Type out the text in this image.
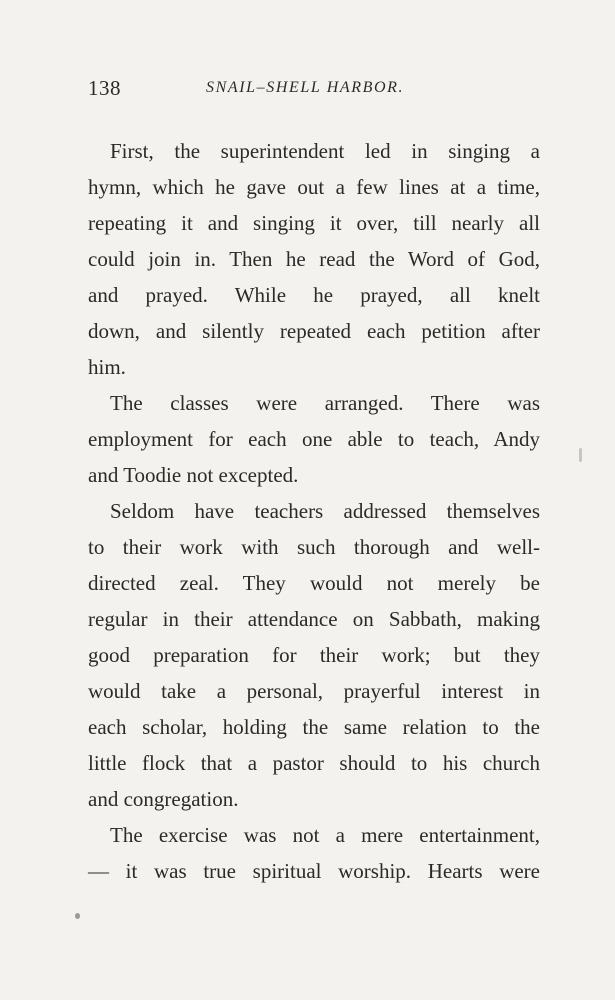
138	SNAIL–SHELL HARBOR.
First, the superintendent led in singing a
hymn, which he gave out a few lines at a time,
repeating it and singing it over, till nearly all
could join in. Then he read the Word of God,
and prayed. While he prayed, all knelt
down, and silently repeated each petition after
him.
The classes were arranged. There was
employment for each one able to teach, Andy
and Toodie not excepted.
Seldom have teachers addressed themselves
to their work with such thorough and well-
directed zeal. They would not merely be
regular in their attendance on Sabbath, making
good preparation for their work; but they
would take a personal, prayerful interest in
each scholar, holding the same relation to the
little flock that a pastor should to his church
and congregation.
The exercise was not a mere entertainment,
— it was true spiritual worship. Hearts were
